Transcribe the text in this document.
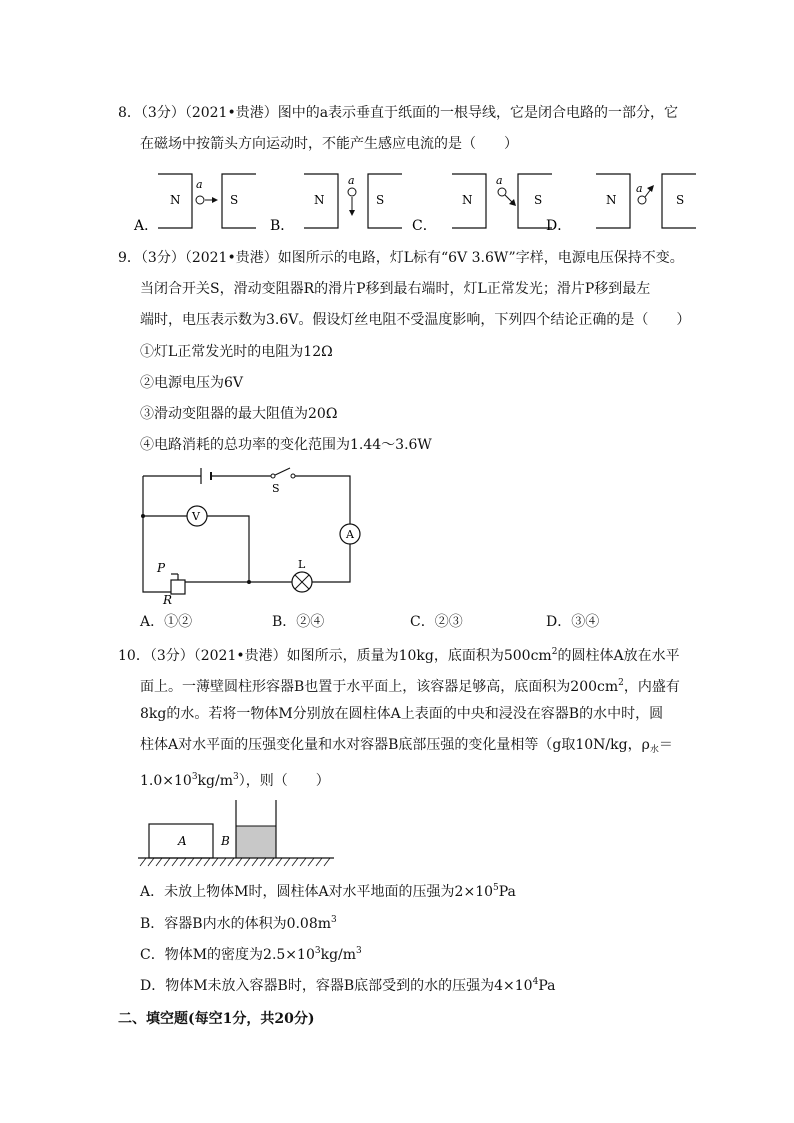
8．（3分）（2021•贵港）图中的a表示垂直于纸面的一根导线，它是闭合电路的一部分，它
在磁场中按箭头方向运动时，不能产生感应电流的是（　　）
A．
N
a
S
B．
N
a
S
C．
N
a
S
D．
N
a
S
9．（3分）（2021•贵港）如图所示的电路，灯L标有“6V 3.6W”字样，电源电压保持不变。
当闭合开关S，滑动变阻器R的滑片P移到最右端时，灯L正常发光；滑片P移到最左
端时，电压表示数为3.6V。假设灯丝电阻不受温度影响，下列四个结论正确的是（　　）
①灯L正常发光时的电阻为12Ω
②电源电压为6V
③滑动变阻器的最大阻值为20Ω
④电路消耗的总功率的变化范围为1.44～3.6W
V
A
L
S
P
R
A．①②	B．②④	C．②③	D．③④
10．（3分）（2021•贵港）如图所示，质量为10kg，底面积为$500cm^2$的圆柱体A放在水平
面上。一薄壁圆柱形容器B也置于水平面上，该容器足够高，底面积为$200cm^2$，内盛有
8kg的水。若将一物体M分别放在圆柱体A上表面的中央和浸没在容器B的水中时，圆
柱体A对水平面的压强变化量和水对容器B底部压强的变化量相等（g取10N/kg，$\rho_水=$
$1.0\times 10^3kg/m^3$），则（　　）
A	B
A．未放上物体M时，圆柱体A对水平地面的压强为$2\times 10^5Pa$
B．容器B内水的体积为$0.08m^3$
C．物体M的密度为$2.5\times 10^3kg/m^3$
D．物体M未放入容器B时，容器B底部受到的水的压强为$4\times 10^4Pa$
二、填空题(每空1分，共20分)
